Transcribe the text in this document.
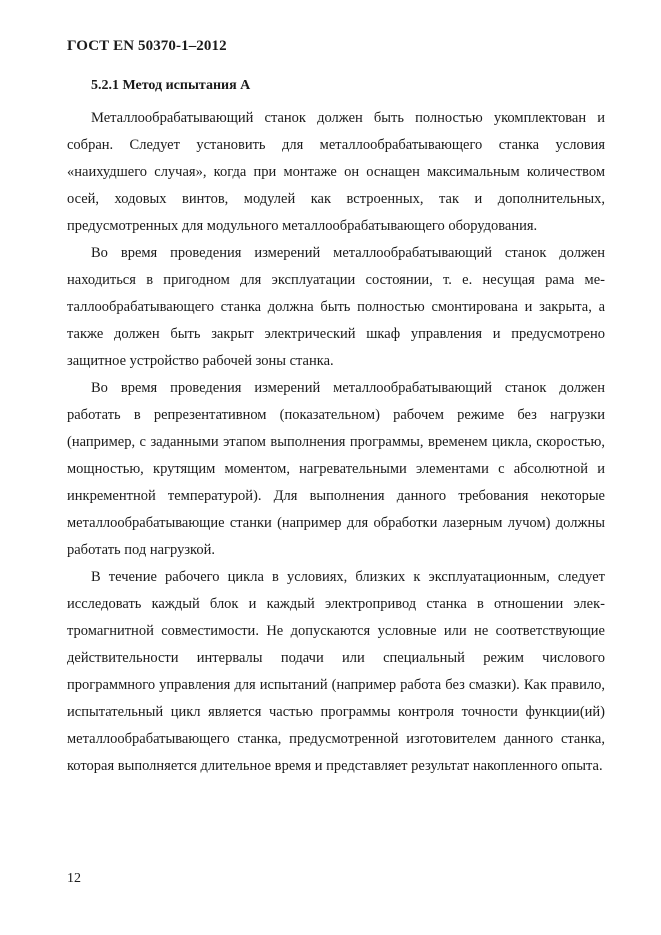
ГОСТ EN 50370-1–2012
5.2.1 Метод испытания А

Металлообрабатывающий станок должен быть полностью укомплектован и собран. Следует установить для металлообрабатывающего станка условия «наихудшего случая», когда при монтаже он оснащен максимальным количеством осей, ходовых винтов, модулей как встроенных, так и дополнительных, предусмотренных для модульного металлообрабатывающего оборудования.

Во время проведения измерений металлообрабатывающий станок должен находиться в пригодном для эксплуатации состоянии, т. е. несущая рама металлообрабатывающего станка должна быть полностью смонтирована и закрыта, а также должен быть закрыт электрический шкаф управления и предусмотрено защитное устройство рабочей зоны станка.

Во время проведения измерений металлообрабатывающий станок должен работать в репрезентативном (показательном) рабочем режиме без нагрузки (например, с заданными этапом выполнения программы, временем цикла, скоростью, мощностью, крутящим моментом, нагревательными элементами с абсолютной и инкрементной температурой). Для выполнения данного требования некоторые металлообрабатывающие станки (например для обработки лазерным лучом) должны работать под нагрузкой.

В течение рабочего цикла в условиях, близких к эксплуатационным, следует исследовать каждый блок и каждый электропривод станка в отношении электромагнитной совместимости. Не допускаются условные или не соответствующие действительности интервалы подачи или специальный режим числового программного управления для испытаний (например работа без смазки). Как правило, испытательный цикл является частью программы контроля точности функции(ий) металлообрабатывающего станка, предусмотренной изготовителем данного станка, которая выполняется длительное время и представляет результат накопленного опыта.

12
